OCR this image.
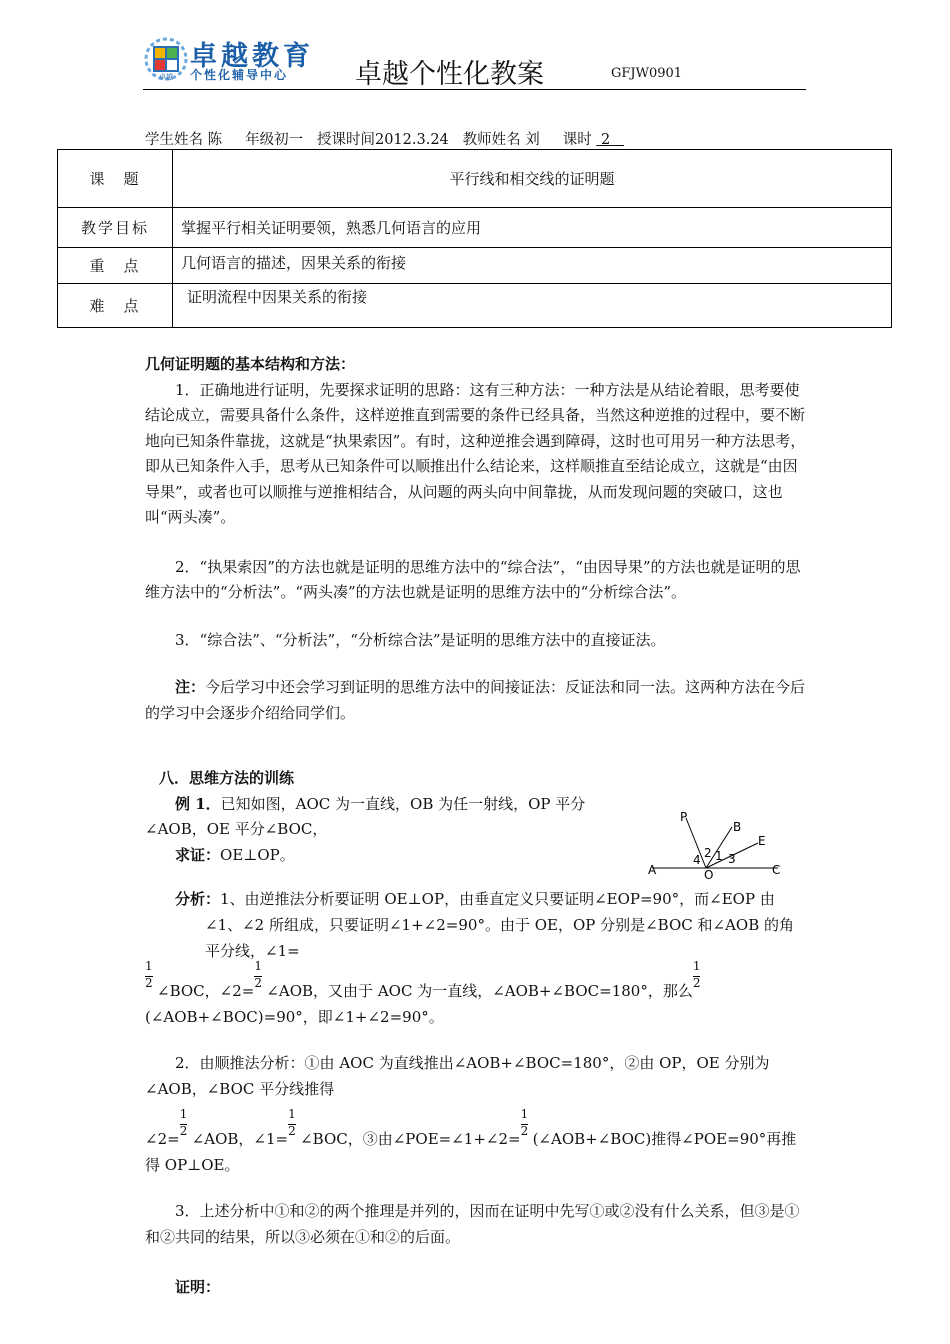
卓越
卓越教育
个性化辅导中心 卓越个性化教案	GFJW0901
学生姓名 陈 年级初一 授课时间2012.3.24 教师姓名 刘 课时 2
课　题	平行线和相交线的证明题
教学目标	掌握平行相关证明要领，熟悉几何语言的应用
重　点	几何语言的描述，因果关系的衔接
难　点	证明流程中因果关系的衔接
几何证明题的基本结构和方法：

1．正确地进行证明，先要探求证明的思路：这有三种方法：一种方法是从结论着眼，思考要使结论成立，需要具备什么条件，这样逆推直到需要的条件已经具备，当然这种逆推的过程中，要不断地向已知条件靠拢，这就是“执果索因”。有时，这种逆推会遇到障碍，这时也可用另一种方法思考，即从已知条件入手，思考从已知条件可以顺推出什么结论来，这样顺推直至结论成立，这就是“由因导果”，或者也可以顺推与逆推相结合，从问题的两头向中间靠拢，从而发现问题的突破口，这也叫“两头凑”。

2．“执果索因”的方法也就是证明的思维方法中的“综合法”，“由因导果”的方法也就是证明的思维方法中的“分析法”。“两头凑”的方法也就是证明的思维方法中的“分析综合法”。

3．“综合法”、“分析法”，“分析综合法”是证明的思维方法中的直接证法。

注：今后学习中还会学习到证明的思维方法中的间接证法：反证法和同一法。这两种方法在今后的学习中会逐步介绍给同学们。

八．思维方法的训练
例 1．已知如图，AOC 为一直线，OB 为任一射线，OP 平分
∠AOB，OE 平分∠BOC，
求证：OE⊥OP。
P
B
E
A	C
O
4 2 1 3
分析：1、由逆推法分析要证明 OE⊥OP，由垂直定义只要证明∠EOP=90°，而∠EOP 由∠1、∠2 所组成，只要证明∠1+∠2=90°。由于 OE，OP 分别是∠BOC 和∠AOB 的角平分线，∠1=
$\frac{1}{2}$ ∠BOC，∠2= $\frac{1}{2}$ ∠AOB，又由于 AOC 为一直线，∠AOB+∠BOC=180°，那么 $\frac{1}{2}$
(∠AOB+∠BOC)=90°，即∠1+∠2=90°。
2．由顺推法分析：①由 AOC 为直线推出∠AOB+∠BOC=180°，②由 OP，OE 分别为∠AOB，∠BOC 平分线推得
∠2= $\frac{1}{2}$ ∠AOB，∠1= $\frac{1}{2}$ ∠BOC，③由∠POE=∠1+∠2= $\frac{1}{2}$ (∠AOB+∠BOC)推得∠POE=90°再推得 OP⊥OE。
3．上述分析中①和②的两个推理是并列的，因而在证明中先写①或②没有什么关系，但③是①和②共同的结果，所以③必须在①和②的后面。
证明：
